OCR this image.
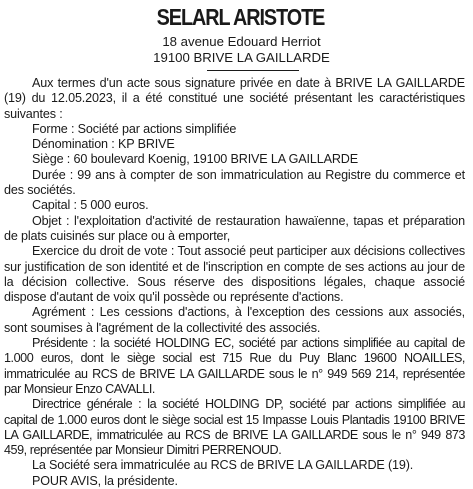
SELARL ARISTOTE
18 avenue Edouard Herriot
19100 BRIVE LA GAILLARDE

Aux termes d'un acte sous signature privée en date à BRIVE LA GAILLARDE (19) du 12.05.2023, il a été constitué une société présentant les caractéristiques suivantes :

Forme : Société par actions simplifiée

Dénomination : KP BRIVE

Siège : 60 boulevard Koenig, 19100 BRIVE LA GAILLARDE

Durée : 99 ans à compter de son immatriculation au Registre du commerce et des sociétés.

Capital : 5 000 euros.

Objet : l'exploitation d'activité de restauration hawaïenne, tapas et préparation de plats cuisinés sur place ou à emporter,

Exercice du droit de vote : Tout associé peut participer aux décisions collectives sur justification de son identité et de l'inscription en compte de ses actions au jour de la décision collective. Sous réserve des dispositions légales, chaque associé dispose d'autant de voix qu'il possède ou représente d'actions.

Agrément : Les cessions d'actions, à l'exception des cessions aux associés, sont soumises à l'agrément de la collectivité des associés.

Présidente : la société HOLDING EC, société par actions simplifiée au capital de 1.000 euros, dont le siège social est 715 Rue du Puy Blanc 19600 NOAILLES, immatriculée au RCS de BRIVE LA GAILLARDE sous le n° 949 569 214, représentée par Monsieur Enzo CAVALLI.

Directrice générale : la société HOLDING DP, société par actions simplifiée au capital de 1.000 euros dont le siège social est 15 Impasse Louis Plantadis 19100 BRIVE LA GAILLARDE, immatriculée au RCS de BRIVE LA GAILLARDE sous le n° 949 873 459, représentée par Monsieur Dimitri PERRENOUD.

La Société sera immatriculée au RCS de BRIVE LA GAILLARDE (19).

POUR AVIS, la présidente.
